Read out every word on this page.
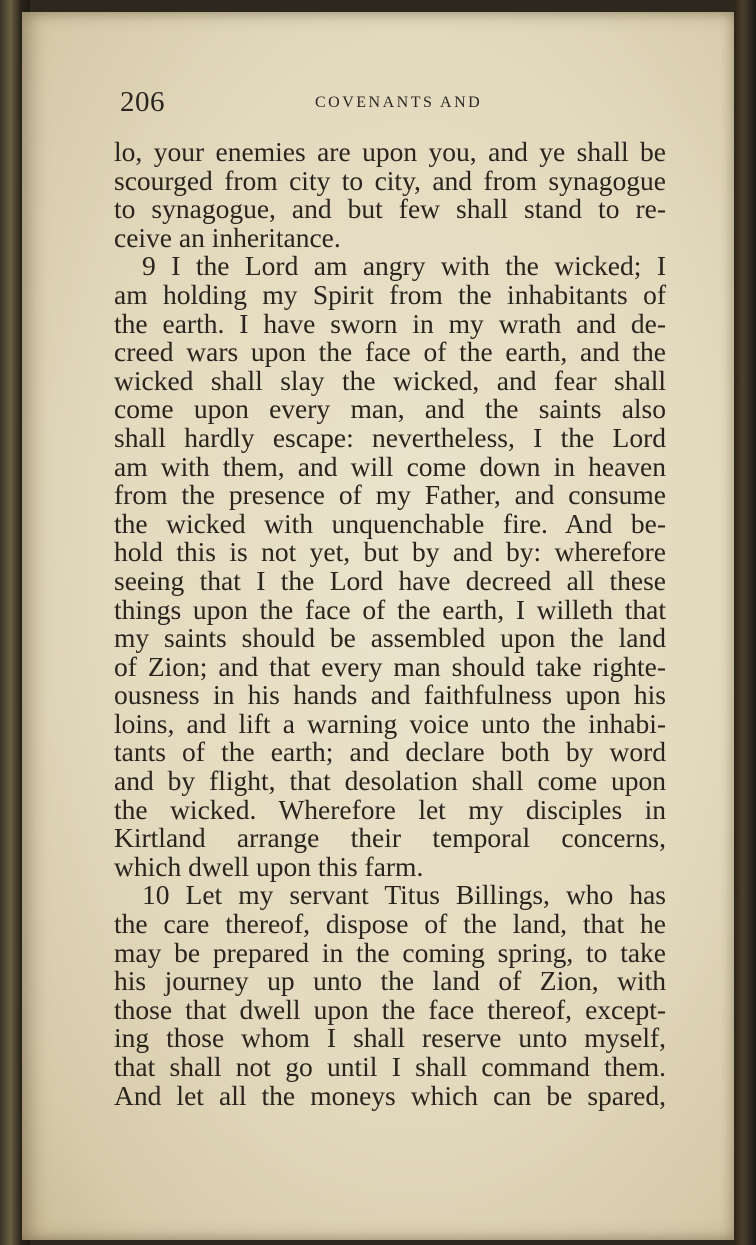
206	COVENANTS AND
lo, your enemies are upon you, and ye shall be
scourged from city to city, and from synagogue
to synagogue, and but few shall stand to re-
ceive an inheritance.
9 I the Lord am angry with the wicked; I
am holding my Spirit from the inhabitants of
the earth. I have sworn in my wrath and de-
creed wars upon the face of the earth, and the
wicked shall slay the wicked, and fear shall
come upon every man, and the saints also
shall hardly escape: nevertheless, I the Lord
am with them, and will come down in heaven
from the presence of my Father, and consume
the wicked with unquenchable fire. And be-
hold this is not yet, but by and by: wherefore
seeing that I the Lord have decreed all these
things upon the face of the earth, I willeth that
my saints should be assembled upon the land
of Zion; and that every man should take righte-
ousness in his hands and faithfulness upon his
loins, and lift a warning voice unto the inhabi-
tants of the earth; and declare both by word
and by flight, that desolation shall come upon
the wicked. Wherefore let my disciples in
Kirtland arrange their temporal concerns,
which dwell upon this farm.
10 Let my servant Titus Billings, who has
the care thereof, dispose of the land, that he
may be prepared in the coming spring, to take
his journey up unto the land of Zion, with
those that dwell upon the face thereof, except-
ing those whom I shall reserve unto myself,
that shall not go until I shall command them.
And let all the moneys which can be spared,
